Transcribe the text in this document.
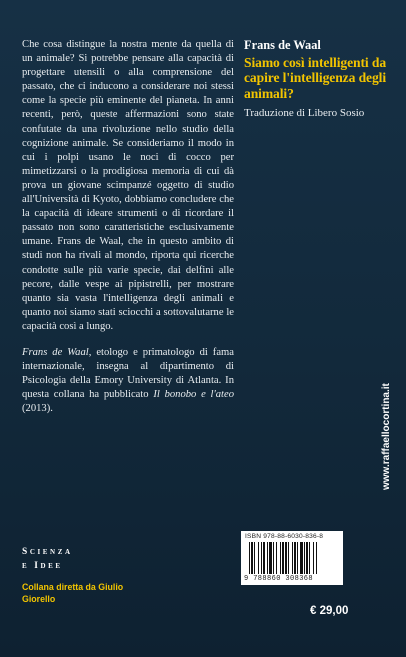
Che cosa distingue la nostra mente da quella di un animale? Si potrebbe pensare alla capacità di progettare utensili o alla comprensione del passato, che ci inducono a considerare noi stessi come la specie più eminente del pianeta. In anni recenti, però, queste affermazioni sono state confutate da una rivoluzione nello studio della cognizione animale. Se consideriamo il modo in cui i polpi usano le noci di cocco per mimetizzarsi o la prodigiosa memoria di cui dà prova un giovane scimpanzé oggetto di studio all'Università di Kyoto, dobbiamo concludere che la capacità di ideare strumenti o di ricordare il passato non sono caratteristiche esclusivamente umane. Frans de Waal, che in questo ambito di studi non ha rivali al mondo, riporta qui ricerche condotte sulle più varie specie, dai delfini alle pecore, dalle vespe ai pipistrelli, per mostrare quanto sia vasta l'intelligenza degli animali e quanto noi siamo stati sciocchi a sottovalutarne le capacità così a lungo.

Frans de Waal, etologo e primatologo di fama internazionale, insegna al dipartimento di Psicologia della Emory University di Atlanta. In questa collana ha pubblicato Il bonobo e l'ateo (2013).

Frans de Waal
Siamo così intelligenti da capire l'intelligenza degli animali?
Traduzione di Libero Sosio
Scienza
e Idee
Collana diretta da Giulio Giorello
ISBN 978-88-6030-836-8
9 788860 308368
€ 29,00
www.raffaellocortina.it
